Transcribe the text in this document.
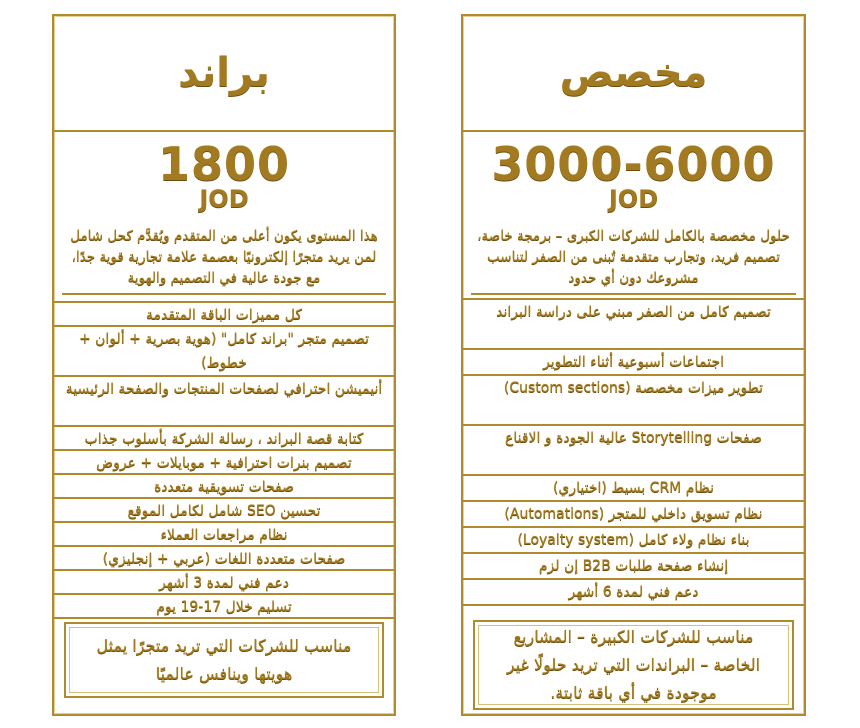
براند
1800
JOD
هذا المستوى يكون أعلى من المتقدم ويُقدَّم كحل شامل لمن يريد متجرًا إلكترونيًا بعصمة علامة تجارية قوية جدًا، مع جودة عالية في التصميم والهوية
كل مميزات الباقة المتقدمة
تصميم متجر "براند كامل" (هوية بصرية + ألوان + خطوط)
أنيميشن احترافي لصفحات المنتجات والصفحة الرئيسية
كتابة قصة البراند ، رسالة الشركة بأسلوب جذاب
تصميم بنرات احترافية + موبايلات + عروض
صفحات تسويقية متعددة
تحسين SEO شامل لكامل الموقع
نظام مراجعات العملاء
صفحات متعددة اللغات (عربي + إنجليزي)
دعم فني لمدة 3 أشهر
تسليم خلال 17-19 يوم
مناسب للشركات التي تريد متجرًا يمثل هويتها وينافس عالميًا
مخصص
3000-6000
JOD
حلول مخصصة بالكامل للشركات الكبرى – برمجة خاصة، تصميم فريد، وتجارب متقدمة تُبنى من الصفر لتناسب مشروعك دون أي حدود
تصميم كامل من الصفر مبني على دراسة البراند
اجتماعات أسبوعية أثناء التطوير
تطوير ميزات مخصصة (Custom sections)
صفحات Storytelling عالية الجودة و الاقناع
نظام CRM بسيط (اختياري)
نظام تسويق داخلي للمتجر (Automations)
بناء نظام ولاء كامل (Loyalty system)
إنشاء صفحة طلبات B2B إن لزم
دعم فني لمدة 6 أشهر
مناسب للشركات الكبيرة – المشاريع الخاصة – البراندات التي تريد حلولًا غير موجودة في أي باقة ثابتة.
